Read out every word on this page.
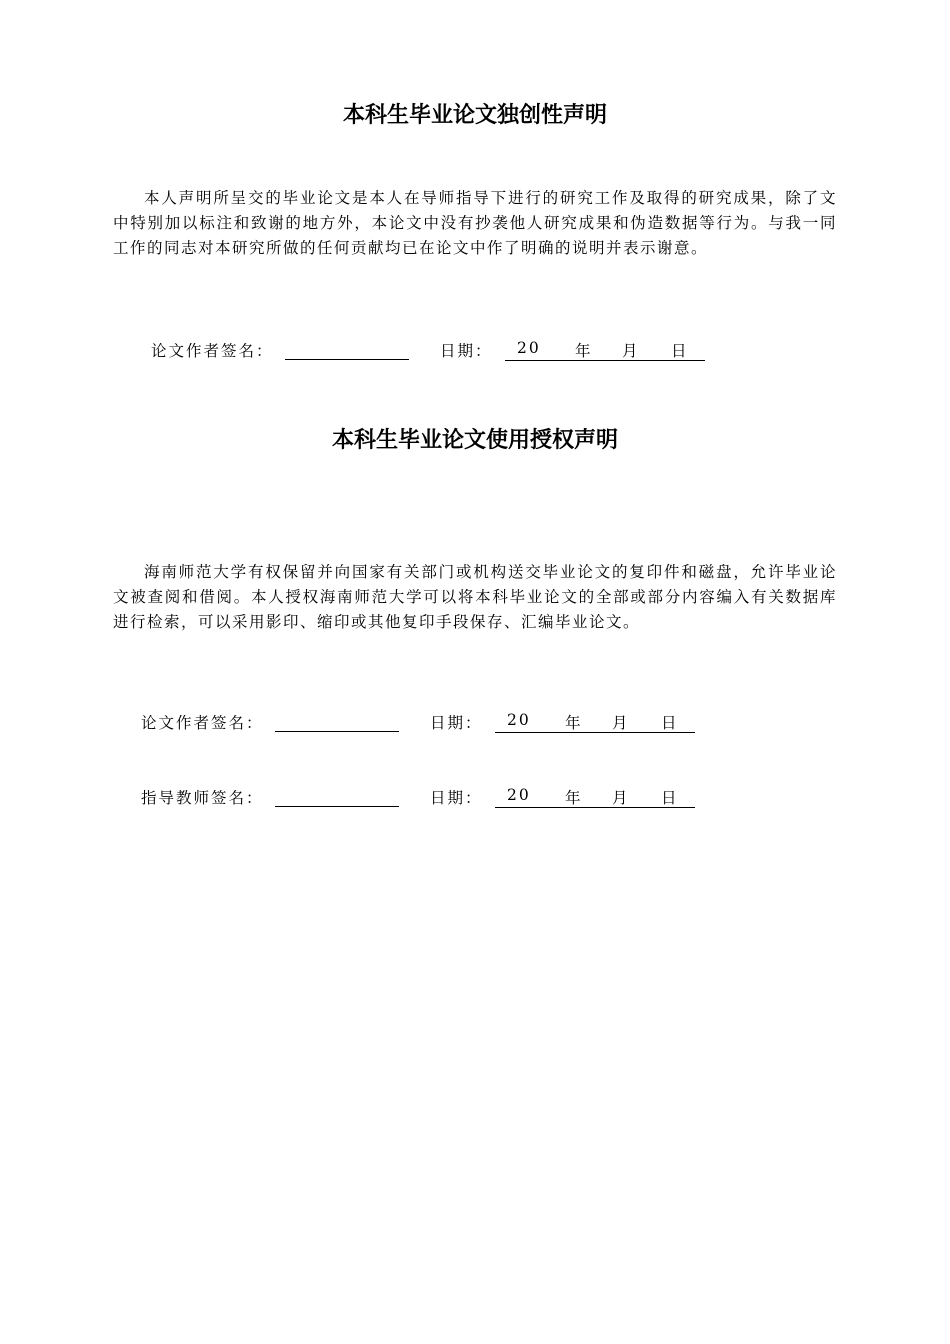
本科生毕业论文独创性声明
本人声明所呈交的毕业论文是本人在导师指导下进行的研究工作及取得的研究成果，除了文中特别加以标注和致谢的地方外，本论文中没有抄袭他人研究成果和伪造数据等行为。与我一同工作的同志对本研究所做的任何贡献均已在论文中作了明确的说明并表示谢意。
论文作者签名：	日期： 20 年 月 日
本科生毕业论文使用授权声明
海南师范大学有权保留并向国家有关部门或机构送交毕业论文的复印件和磁盘，允许毕业论文被查阅和借阅。本人授权海南师范大学可以将本科毕业论文的全部或部分内容编入有关数据库进行检索，可以采用影印、缩印或其他复印手段保存、汇编毕业论文。
论文作者签名：	日期： 20 年 月 日
指导教师签名：	日期： 20 年 月 日
